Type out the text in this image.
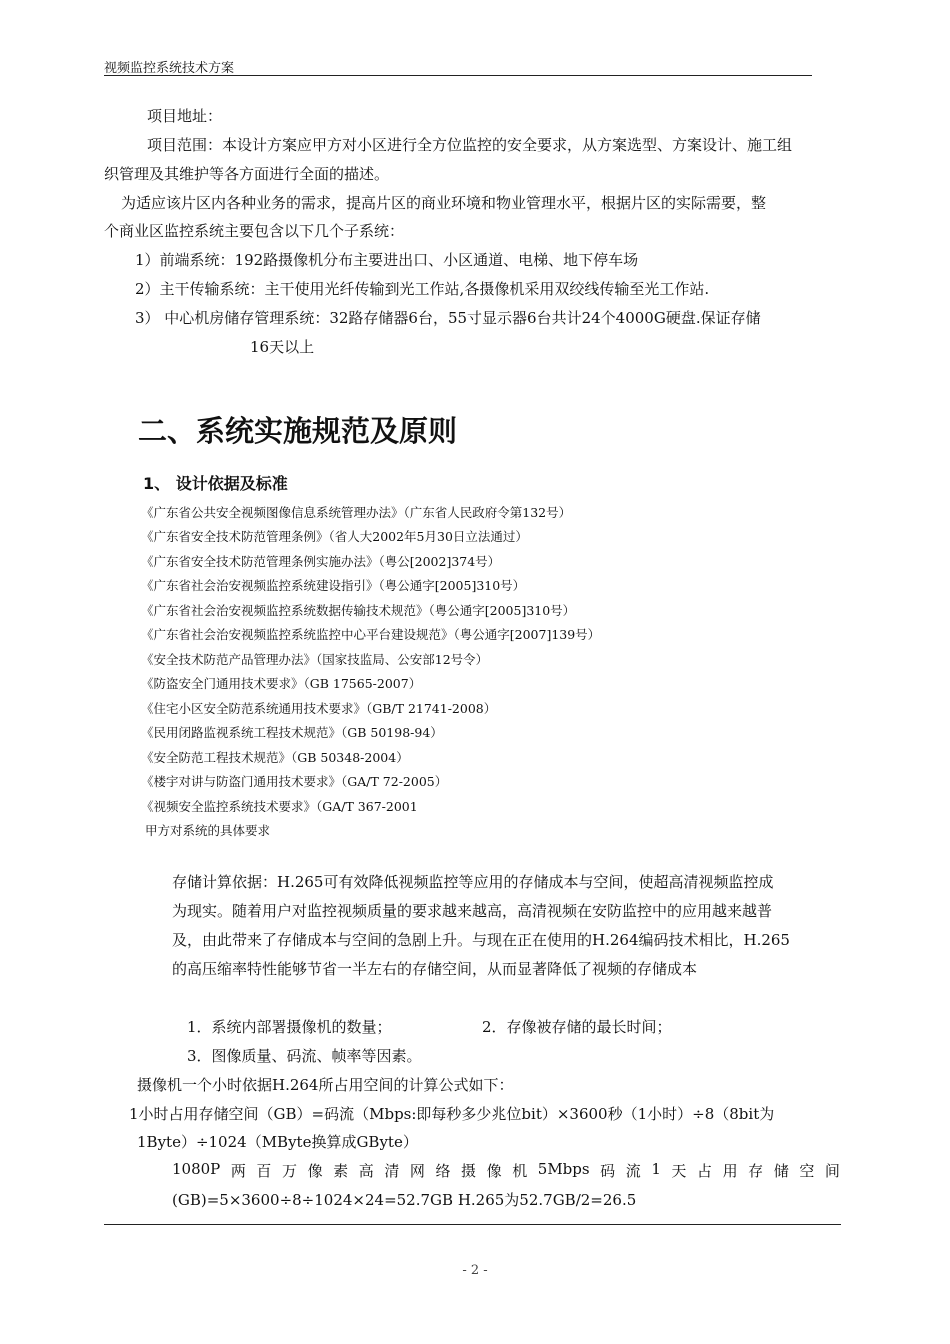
视频监控系统技术方案
项目地址：
项目范围：本设计方案应甲方对小区进行全方位监控的安全要求，从方案选型、方案设计、施工组
织管理及其维护等各方面进行全面的描述。
为适应该片区内各种业务的需求，提高片区的商业环境和物业管理水平，根据片区的实际需要，整
个商业区监控系统主要包含以下几个子系统：
1）前端系统：192路摄像机分布主要进出口、小区通道、电梯、地下停车场
2）主干传输系统：主干使用光纤传输到光工作站,各摄像机采用双绞线传输至光工作站.
3） 中心机房储存管理系统：32路存储器6台，55寸显示器6台共计24个4000G硬盘.保证存储
16天以上
二、系统实施规范及原则
1、 设计依据及标准
《广东省公共安全视频图像信息系统管理办法》（广东省人民政府令第132号）
《广东省安全技术防范管理条例》（省人大2002年5月30日立法通过）
《广东省安全技术防范管理条例实施办法》（粤公[2002]374号）
《广东省社会治安视频监控系统建设指引》（粤公通字[2005]310号）
《广东省社会治安视频监控系统数据传输技术规范》（粤公通字[2005]310号）
《广东省社会治安视频监控系统监控中心平台建设规范》（粤公通字[2007]139号）
《安全技术防范产品管理办法》（国家技监局、公安部12号令）
《防盗安全门通用技术要求》（GB 17565-2007）
《住宅小区安全防范系统通用技术要求》（GB/T 21741-2008）
《民用闭路监视系统工程技术规范》（GB 50198-94）
《安全防范工程技术规范》（GB 50348-2004）
《楼宇对讲与防盗门通用技术要求》（GA/T 72-2005）
《视频安全监控系统技术要求》（GA/T 367-2001
甲方对系统的具体要求
存储计算依据：H.265可有效降低视频监控等应用的存储成本与空间，使超高清视频监控成
为现实。随着用户对监控视频质量的要求越来越高，高清视频在安防监控中的应用越来越普
及，由此带来了存储成本与空间的急剧上升。与现在正在使用的H.264编码技术相比，H.265
的高压缩率特性能够节省一半左右的存储空间，从而显著降低了视频的存储成本
1．系统内部署摄像机的数量；	2．存像被存储的最长时间；
3．图像质量、码流、帧率等因素。
摄像机一个小时依据H.264所占用空间的计算公式如下：
1小时占用存储空间（GB）=码流（Mbps:即每秒多少兆位bit）×3600秒（1小时）÷8（8bit为
1Byte）÷1024（MByte换算成GByte）
1080P 两 百 万 像 素 高 清 网 络 摄 像 机 5Mbps 码 流 1 天 占 用 存 储 空 间
(GB)=5×3600÷8÷1024×24=52.7GB H.265为52.7GB/2=26.5
- 2 -
